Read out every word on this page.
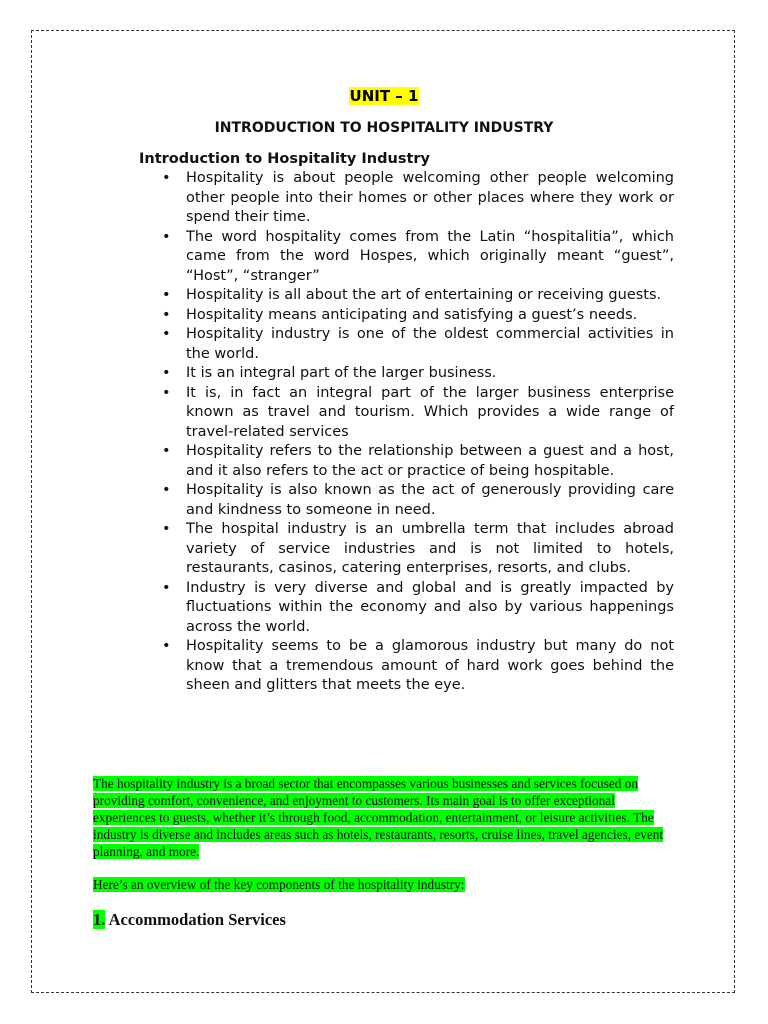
UNIT – 1
INTRODUCTION TO HOSPITALITY INDUSTRY
Introduction to Hospitality Industry
• Hospitality is about people welcoming other people welcoming other people into their homes or other places where they work or spend their time.
• The word hospitality comes from the Latin “hospitalitia”, which came from the word Hospes, which originally meant “guest”, “Host”, “stranger”
• Hospitality is all about the art of entertaining or receiving guests.
• Hospitality means anticipating and satisfying a guest’s needs.
• Hospitality industry is one of the oldest commercial activities in the world.
• It is an integral part of the larger business.
• It is, in fact an integral part of the larger business enterprise known as travel and tourism. Which provides a wide range of travel-related services
• Hospitality refers to the relationship between a guest and a host, and it also refers to the act or practice of being hospitable.
• Hospitality is also known as the act of generously providing care and kindness to someone in need.
• The hospital industry is an umbrella term that includes abroad variety of service industries and is not limited to hotels, restaurants, casinos, catering enterprises, resorts, and clubs.
• Industry is very diverse and global and is greatly impacted by fluctuations within the economy and also by various happenings across the world.
• Hospitality seems to be a glamorous industry but many do not know that a tremendous amount of hard work goes behind the sheen and glitters that meets the eye.
The hospitality industry is a broad sector that encompasses various businesses and services focused on providing comfort, convenience, and enjoyment to customers. Its main goal is to offer exceptional experiences to guests, whether it’s through food, accommodation, entertainment, or leisure activities. The industry is diverse and includes areas such as hotels, restaurants, resorts, cruise lines, travel agencies, event planning, and more.
Here’s an overview of the key components of the hospitality industry:
1. Accommodation Services
